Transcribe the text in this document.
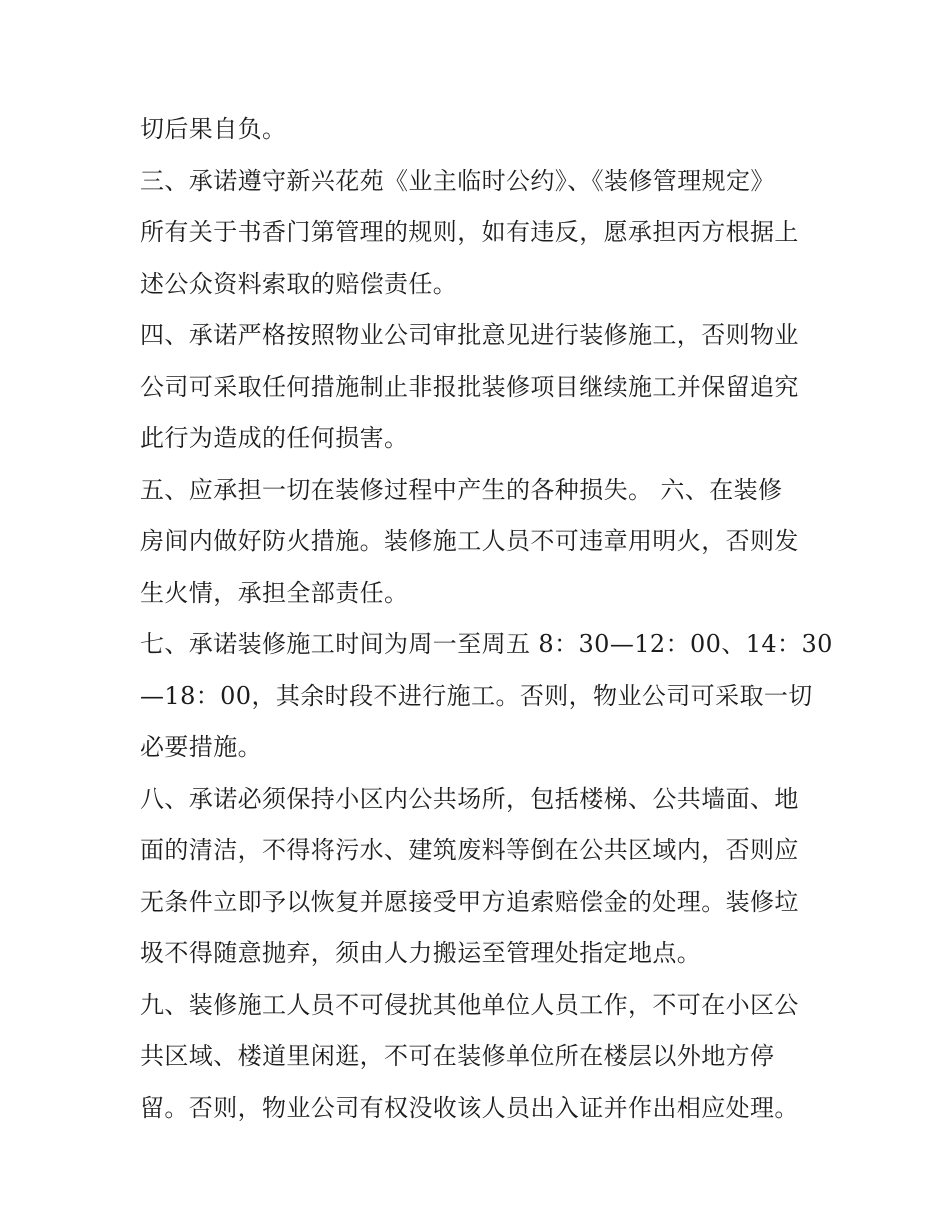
切后果自负。
三、承诺遵守新兴花苑《业主临时公约》、《装修管理规定》
所有关于书香门第管理的规则，如有违反，愿承担丙方根据上
述公众资料索取的赔偿责任。
四、承诺严格按照物业公司审批意见进行装修施工，否则物业
公司可采取任何措施制止非报批装修项目继续施工并保留追究
此行为造成的任何损害。
五、应承担一切在装修过程中产生的各种损失。 六、在装修
房间内做好防火措施。装修施工人员不可违章用明火，否则发
生火情，承担全部责任。
七、承诺装修施工时间为周一至周五 8：30—12：00、14：30
—18：00，其余时段不进行施工。否则，物业公司可采取一切
必要措施。
八、承诺必须保持小区内公共场所，包括楼梯、公共墙面、地
面的清洁，不得将污水、建筑废料等倒在公共区域内，否则应
无条件立即予以恢复并愿接受甲方追索赔偿金的处理。装修垃
圾不得随意抛弃，须由人力搬运至管理处指定地点。
九、装修施工人员不可侵扰其他单位人员工作，不可在小区公
共区域、楼道里闲逛，不可在装修单位所在楼层以外地方停
留。否则，物业公司有权没收该人员出入证并作出相应处理。
